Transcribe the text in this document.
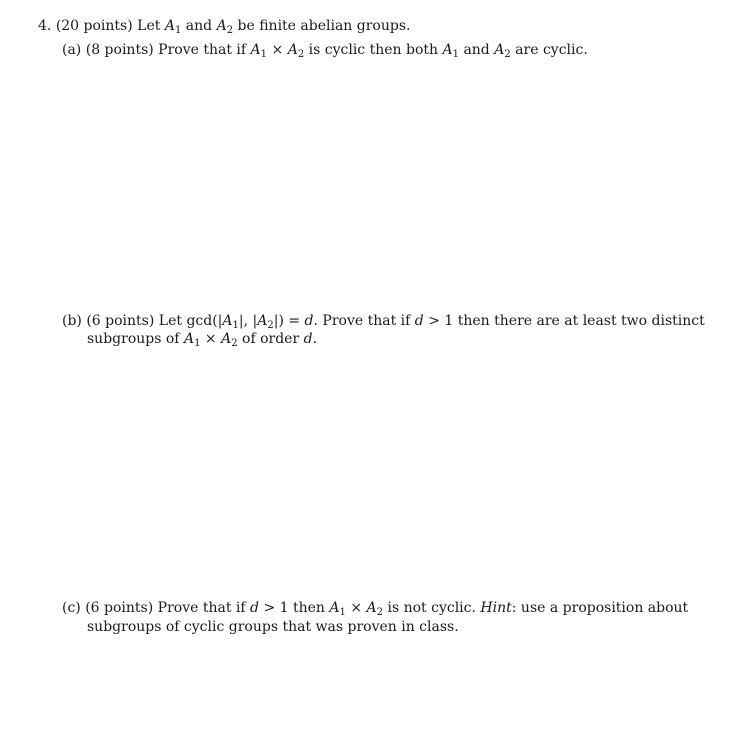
4. (20 points) Let $A_1$ and $A_2$ be finite abelian groups.
(a) (8 points) Prove that if $A_1 \times A_2$ is cyclic then both $A_1$ and $A_2$ are cyclic.
(b) (6 points) Let $\gcd(|A_1|$, $|A_2|) = d$. Prove that if d > 1 then there are at least two distinct
subgroups of $A_1 \times A_2$ of order d.
(c) (6 points) Prove that if d > 1 then $A_1 \times A_2$ is not cyclic. Hint: use a proposition about
subgroups of cyclic groups that was proven in class.
